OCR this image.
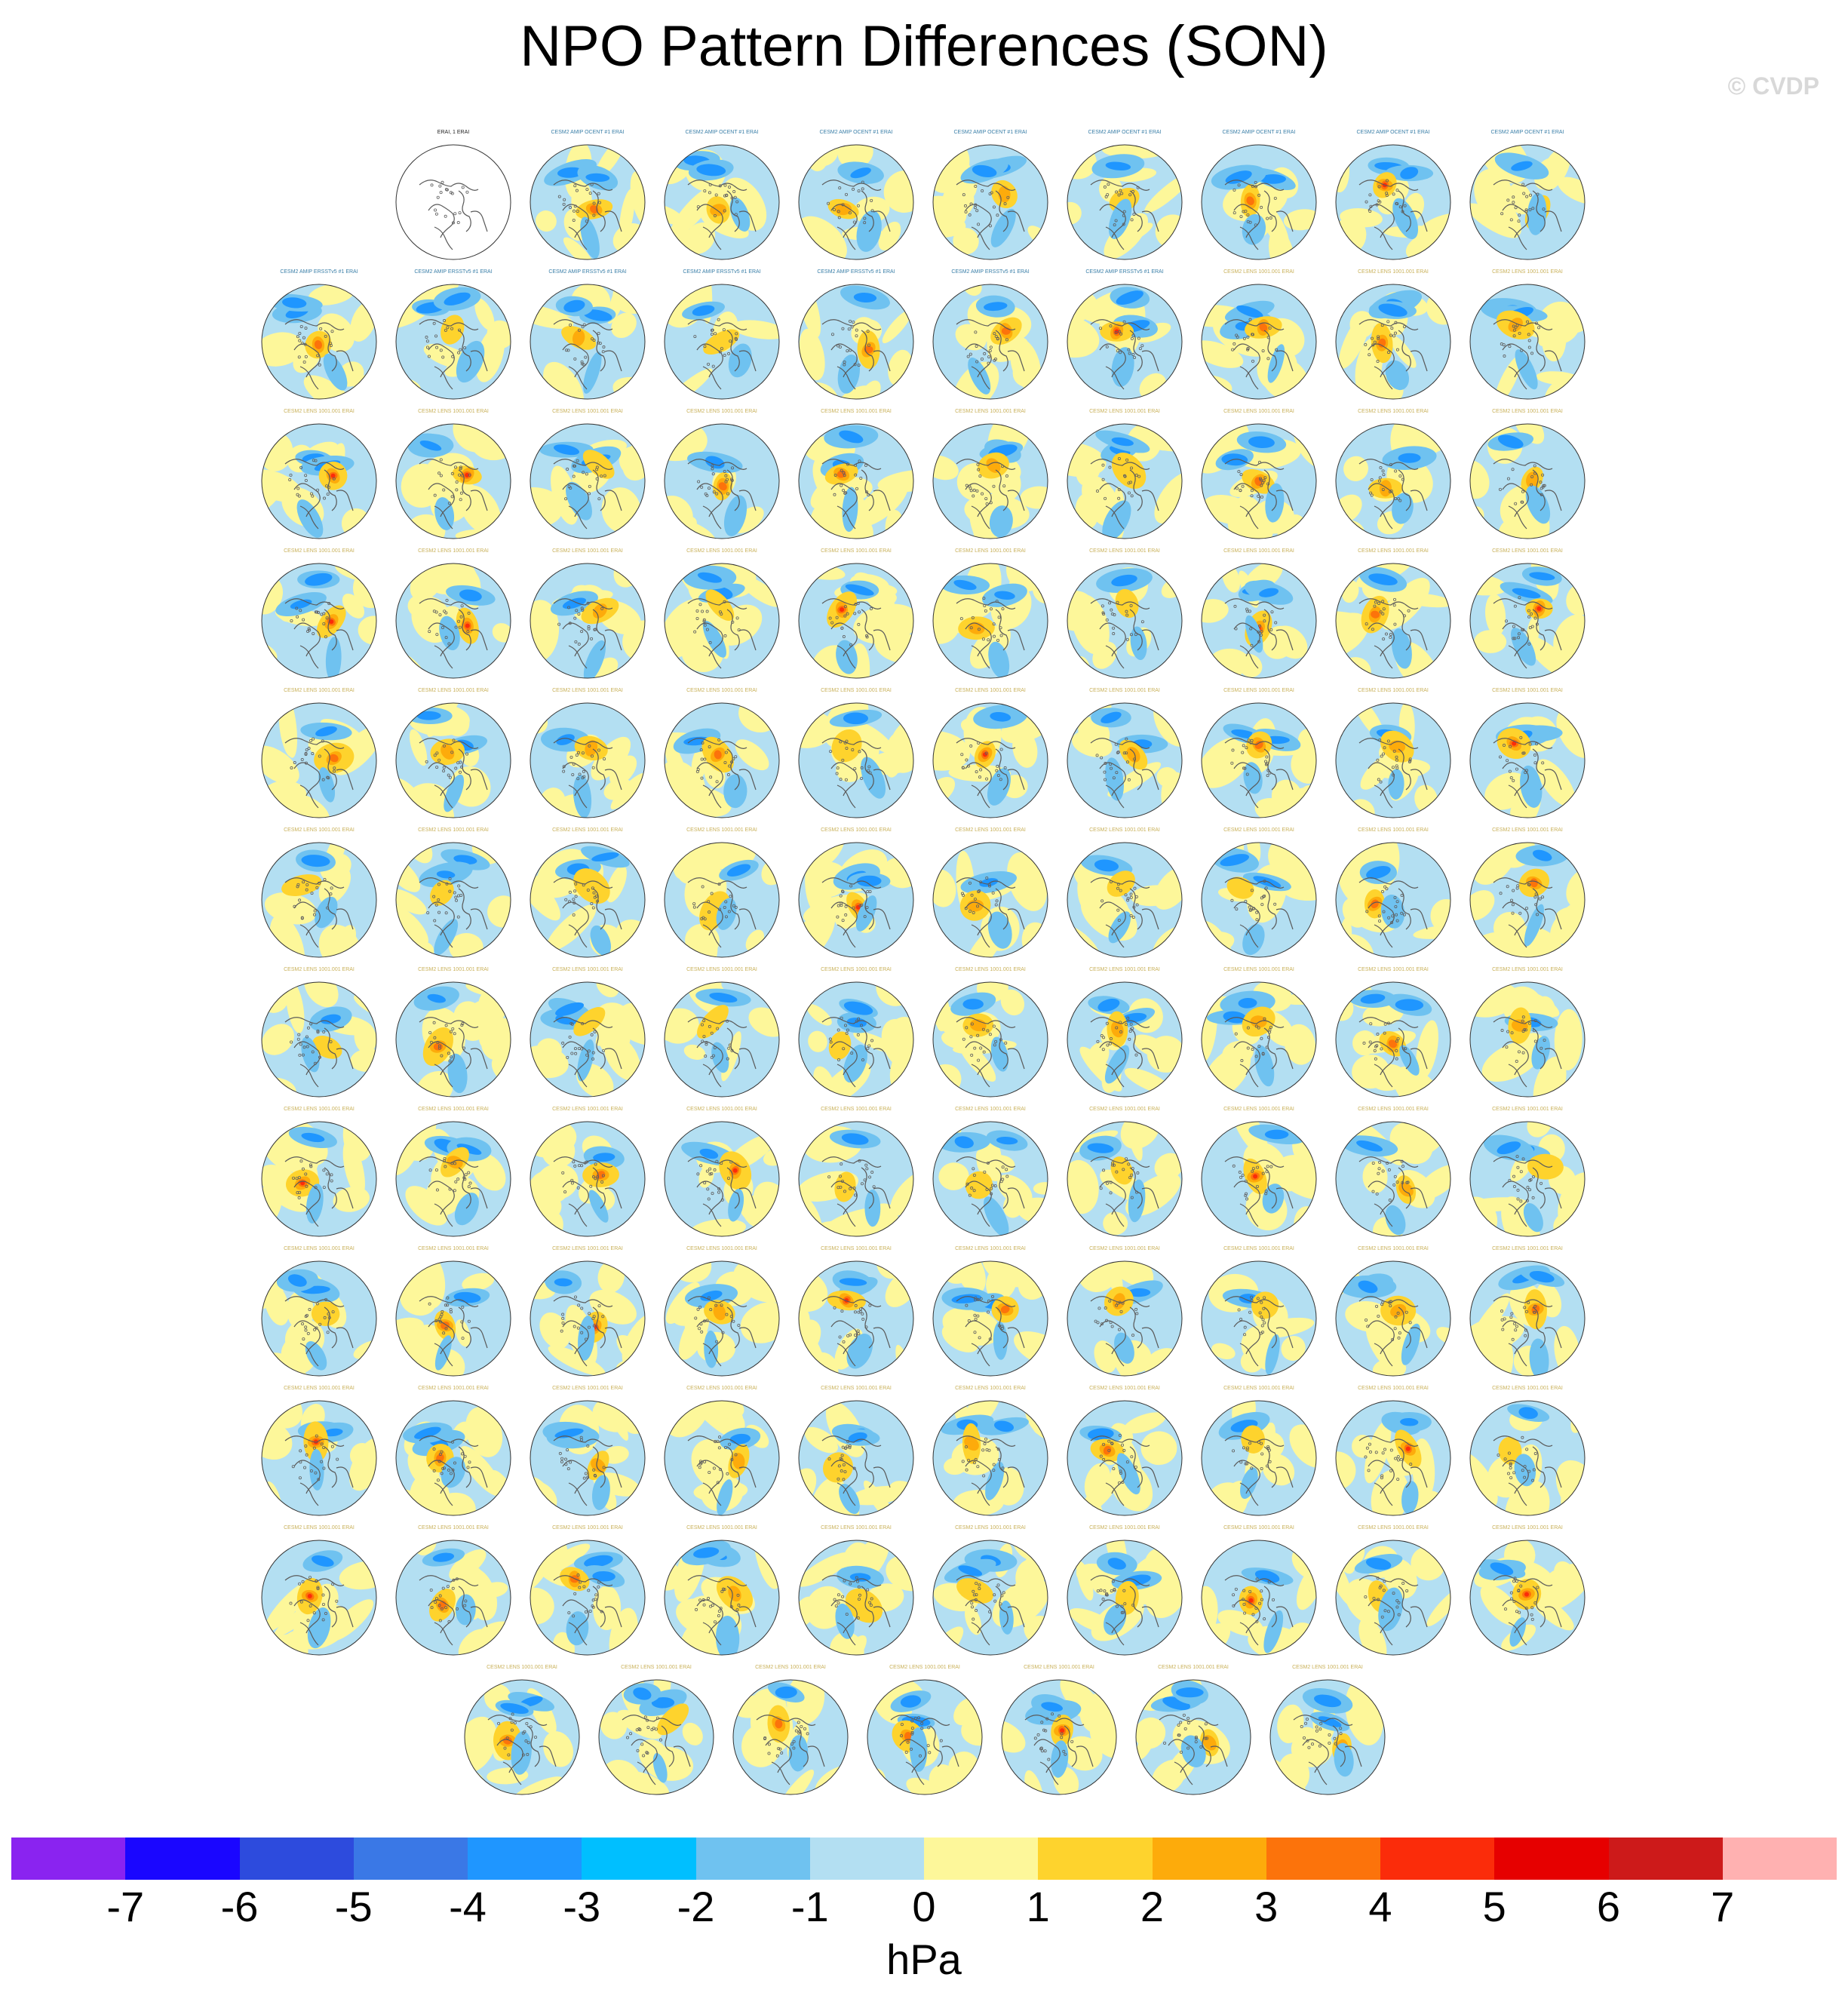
NPO Pattern Differences (SON)
© CVDP
ERAI, 1 ERAI	CESM2 AMIP OCENT #1 ERAI	CESM2 AMIP OCENT #1 ERAI	CESM2 AMIP OCENT #1 ERAI	CESM2 AMIP OCENT #1 ERAI	CESM2 AMIP OCENT #1 ERAI	CESM2 AMIP OCENT #1 ERAI	CESM2 AMIP OCENT #1 ERAI	CESM2 AMIP OCENT #1 ERAI
CESM2 AMIP ERSSTv5 #1 ERAI	CESM2 AMIP ERSSTv5 #1 ERAI	CESM2 AMIP ERSSTv5 #1 ERAI	CESM2 AMIP ERSSTv5 #1 ERAI	CESM2 AMIP ERSSTv5 #1 ERAI	CESM2 AMIP ERSSTv5 #1 ERAI	CESM2 AMIP ERSSTv5 #1 ERAI	CESM2 LENS 1001.001 ERAI	CESM2 LENS 1001.001 ERAI	CESM2 LENS 1001.001 ERAI
CESM2 LENS 1001.001 ERAI	CESM2 LENS 1001.001 ERAI	CESM2 LENS 1001.001 ERAI	CESM2 LENS 1001.001 ERAI	CESM2 LENS 1001.001 ERAI	CESM2 LENS 1001.001 ERAI	CESM2 LENS 1001.001 ERAI	CESM2 LENS 1001.001 ERAI	CESM2 LENS 1001.001 ERAI	CESM2 LENS 1001.001 ERAI
CESM2 LENS 1001.001 ERAI	CESM2 LENS 1001.001 ERAI	CESM2 LENS 1001.001 ERAI	CESM2 LENS 1001.001 ERAI	CESM2 LENS 1001.001 ERAI	CESM2 LENS 1001.001 ERAI	CESM2 LENS 1001.001 ERAI	CESM2 LENS 1001.001 ERAI	CESM2 LENS 1001.001 ERAI	CESM2 LENS 1001.001 ERAI
CESM2 LENS 1001.001 ERAI	CESM2 LENS 1001.001 ERAI	CESM2 LENS 1001.001 ERAI	CESM2 LENS 1001.001 ERAI	CESM2 LENS 1001.001 ERAI	CESM2 LENS 1001.001 ERAI	CESM2 LENS 1001.001 ERAI	CESM2 LENS 1001.001 ERAI	CESM2 LENS 1001.001 ERAI	CESM2 LENS 1001.001 ERAI
CESM2 LENS 1001.001 ERAI	CESM2 LENS 1001.001 ERAI	CESM2 LENS 1001.001 ERAI	CESM2 LENS 1001.001 ERAI	CESM2 LENS 1001.001 ERAI	CESM2 LENS 1001.001 ERAI	CESM2 LENS 1001.001 ERAI	CESM2 LENS 1001.001 ERAI	CESM2 LENS 1001.001 ERAI	CESM2 LENS 1001.001 ERAI
CESM2 LENS 1001.001 ERAI	CESM2 LENS 1001.001 ERAI	CESM2 LENS 1001.001 ERAI	CESM2 LENS 1001.001 ERAI	CESM2 LENS 1001.001 ERAI	CESM2 LENS 1001.001 ERAI	CESM2 LENS 1001.001 ERAI	CESM2 LENS 1001.001 ERAI	CESM2 LENS 1001.001 ERAI	CESM2 LENS 1001.001 ERAI
CESM2 LENS 1001.001 ERAI	CESM2 LENS 1001.001 ERAI	CESM2 LENS 1001.001 ERAI	CESM2 LENS 1001.001 ERAI	CESM2 LENS 1001.001 ERAI	CESM2 LENS 1001.001 ERAI	CESM2 LENS 1001.001 ERAI	CESM2 LENS 1001.001 ERAI	CESM2 LENS 1001.001 ERAI	CESM2 LENS 1001.001 ERAI
CESM2 LENS 1001.001 ERAI	CESM2 LENS 1001.001 ERAI	CESM2 LENS 1001.001 ERAI	CESM2 LENS 1001.001 ERAI	CESM2 LENS 1001.001 ERAI	CESM2 LENS 1001.001 ERAI	CESM2 LENS 1001.001 ERAI	CESM2 LENS 1001.001 ERAI	CESM2 LENS 1001.001 ERAI	CESM2 LENS 1001.001 ERAI
CESM2 LENS 1001.001 ERAI	CESM2 LENS 1001.001 ERAI	CESM2 LENS 1001.001 ERAI	CESM2 LENS 1001.001 ERAI	CESM2 LENS 1001.001 ERAI	CESM2 LENS 1001.001 ERAI	CESM2 LENS 1001.001 ERAI	CESM2 LENS 1001.001 ERAI	CESM2 LENS 1001.001 ERAI	CESM2 LENS 1001.001 ERAI
CESM2 LENS 1001.001 ERAI	CESM2 LENS 1001.001 ERAI	CESM2 LENS 1001.001 ERAI	CESM2 LENS 1001.001 ERAI	CESM2 LENS 1001.001 ERAI	CESM2 LENS 1001.001 ERAI	CESM2 LENS 1001.001 ERAI	CESM2 LENS 1001.001 ERAI	CESM2 LENS 1001.001 ERAI	CESM2 LENS 1001.001 ERAI
CESM2 LENS 1001.001 ERAI	CESM2 LENS 1001.001 ERAI	CESM2 LENS 1001.001 ERAI	CESM2 LENS 1001.001 ERAI	CESM2 LENS 1001.001 ERAI	CESM2 LENS 1001.001 ERAI	CESM2 LENS 1001.001 ERAI
-7 -6 -5 -4 -3 -2 -1 0 1 2 3 4 5 6 7
hPa
